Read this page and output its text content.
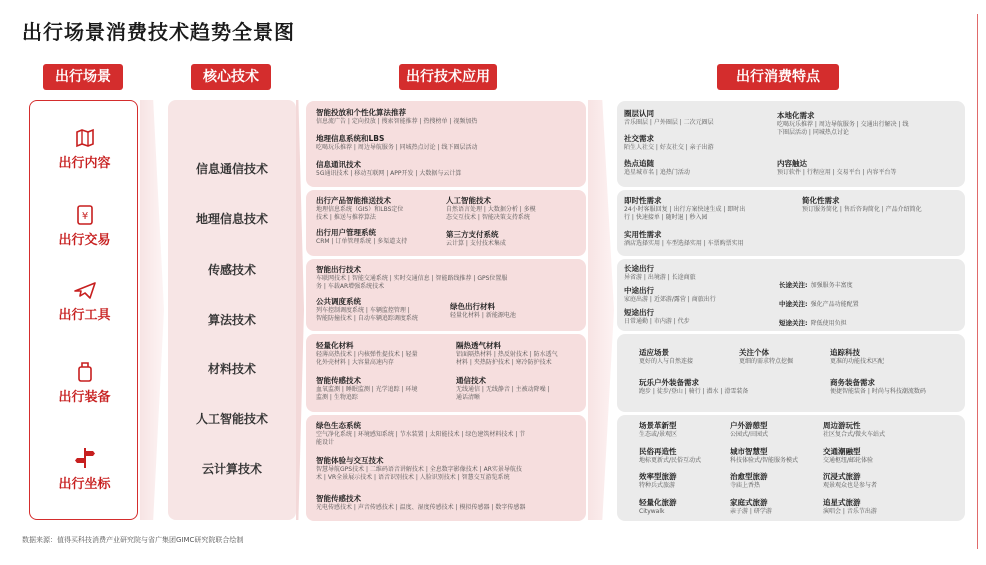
出行场景消费技术趋势全景图
出行场景	核心技术	出行技术应用	出行消费特点
出行内容
¥
出行交易
出行工具
出行装备
出行坐标
信息通信技术
地理信息技术
传感技术
算法技术
材料技术
人工智能技术
云计算技术
智能投放和个性化算法推荐
信息流广告 | 定向投放 | 搜索智能推荐 | 热搜榜单 | 视频加热
地理信息系统和LBS
吃喝玩乐推荐 | 周边导航服务 | 同城热点讨论 | 线下圈层活动
信息通讯技术
5G通讯技术 | 移动互联网 | APP开发 | 大数据与云计算
出行产品智能推送技术
地理信息系统（GIS）和LBS定位
技术 | 推送与推荐算法
人工智能技术
自然语言处理 | 大数据分析 | 多模
态交互技术 | 智能决策支持系统
出行用户管理系统
CRM | 订单管理系统 | 多渠道支持
第三方支付系统
云计算 | 支付技术集成
智能出行技术
车联网技术 | 智能交通系统 | 实时交通信息 | 智能路线推荐 | GPS位置服
务 | 车载AR增强系统技术
公共调度系统
列车控制调度系统 | 车辆监控管理 |
智能防撞技术 | 自动车辆追踪调度系统
绿色出行材料
轻量化材料 | 新能源电池
轻量化材料
轻薄高热技术 | 内核弹性提技术 | 轻量
化外壳材料 | 大容量高速内存
隔热透气材料
铝面隔热材料 | 热反射技术 | 防水透气
材料 | 夹热防护技术 | 寒冷防护技术
智能传感技术
血氧监测 | 睡眠监测 | 光学追踪 | 环境
监测 | 生物追踪
通信技术
无线通信 | 无线静音 | 主被动降噪 |
通话清晰
绿色生态系统
空气净化系统 | 环境感知系统 | 节水装置 | 太阳能技术 | 绿色建筑材料技术 | 节
能设计
智能体验与交互技术
智慧导航GPS技术 | 二维码语音讲解技术 | 全息数字影像技术 | AR实景导航技
术 | VR全景展示技术 | 语音识别技术 | 人脸识别技术 | 智慧交互游览系统
智能传感技术
光电传感技术 | 声音传感技术 | 温度、湿度传感技术 | 模拟传感器 | 数字传感器
圈层认同
音乐圈层 | 户外圈层 | 二次元圈层
本地化需求
吃喝玩乐推荐 | 周边导航服务 | 交通出行解决 | 线
下圈层活动 | 同城热点讨论
社交需求
陌生人社交 | 好友社交 | 亲子出游
热点追随
追星城市名 | 追热门活动
内容触达
预订软件 | 行程应用 | 交易平台 | 内容平台等
即时性需求
24小时客服回复 | 出行方案快速生成 | 即时出
行 | 快速接单 | 随时退 | 秒入园
简化性需求
预订服务简化 | 售后咨询简化 | 产品介绍简化
实用性需求
酒店选择实用 | 车型选择实用 | 车票购票实用
长途出行
异省游 | 出境游 | 长途商旅
中途出行
家庭出游 | 近郊游/露营 | 商旅出行
短途出行
日常通勤 | 市内游 | 代步
长途关注: 加强服务丰富度
中途关注: 强化产品功能配置
短途关注: 降低使用负担
适应场景
更好的人与自然连接
关注个体
更细的需求特点挖掘
追踪科技
更准的功能技术匹配
玩乐户外装备需求
跑步 | 徒步/登山 | 骑行 | 潜水 | 滑雪装备
商务装备需求
便捷智能装备 | 时尚与科技潮流数码
场景革新型
生态或/景观区
户外游憩型
公园式/田园式
周边游玩性
社区复合式/微火车站式
民俗再造性
地标更新式/民俗互动式
城市智慧型
科技体验式/智能服务模式
交通潮融型
交通枢纽/邮轮体验
效率型旅游
特种兵式旅游
治愈型旅游
寺庙上香热
沉浸式旅游
观景观众也是参与者
轻量化旅游
Citywalk
家庭式旅游
亲子游 | 研学游
追星式旅游
演唱会 | 音乐节出游
数据来源：值得买科技消费产业研究院与省广集团GIMC研究院联合绘制
